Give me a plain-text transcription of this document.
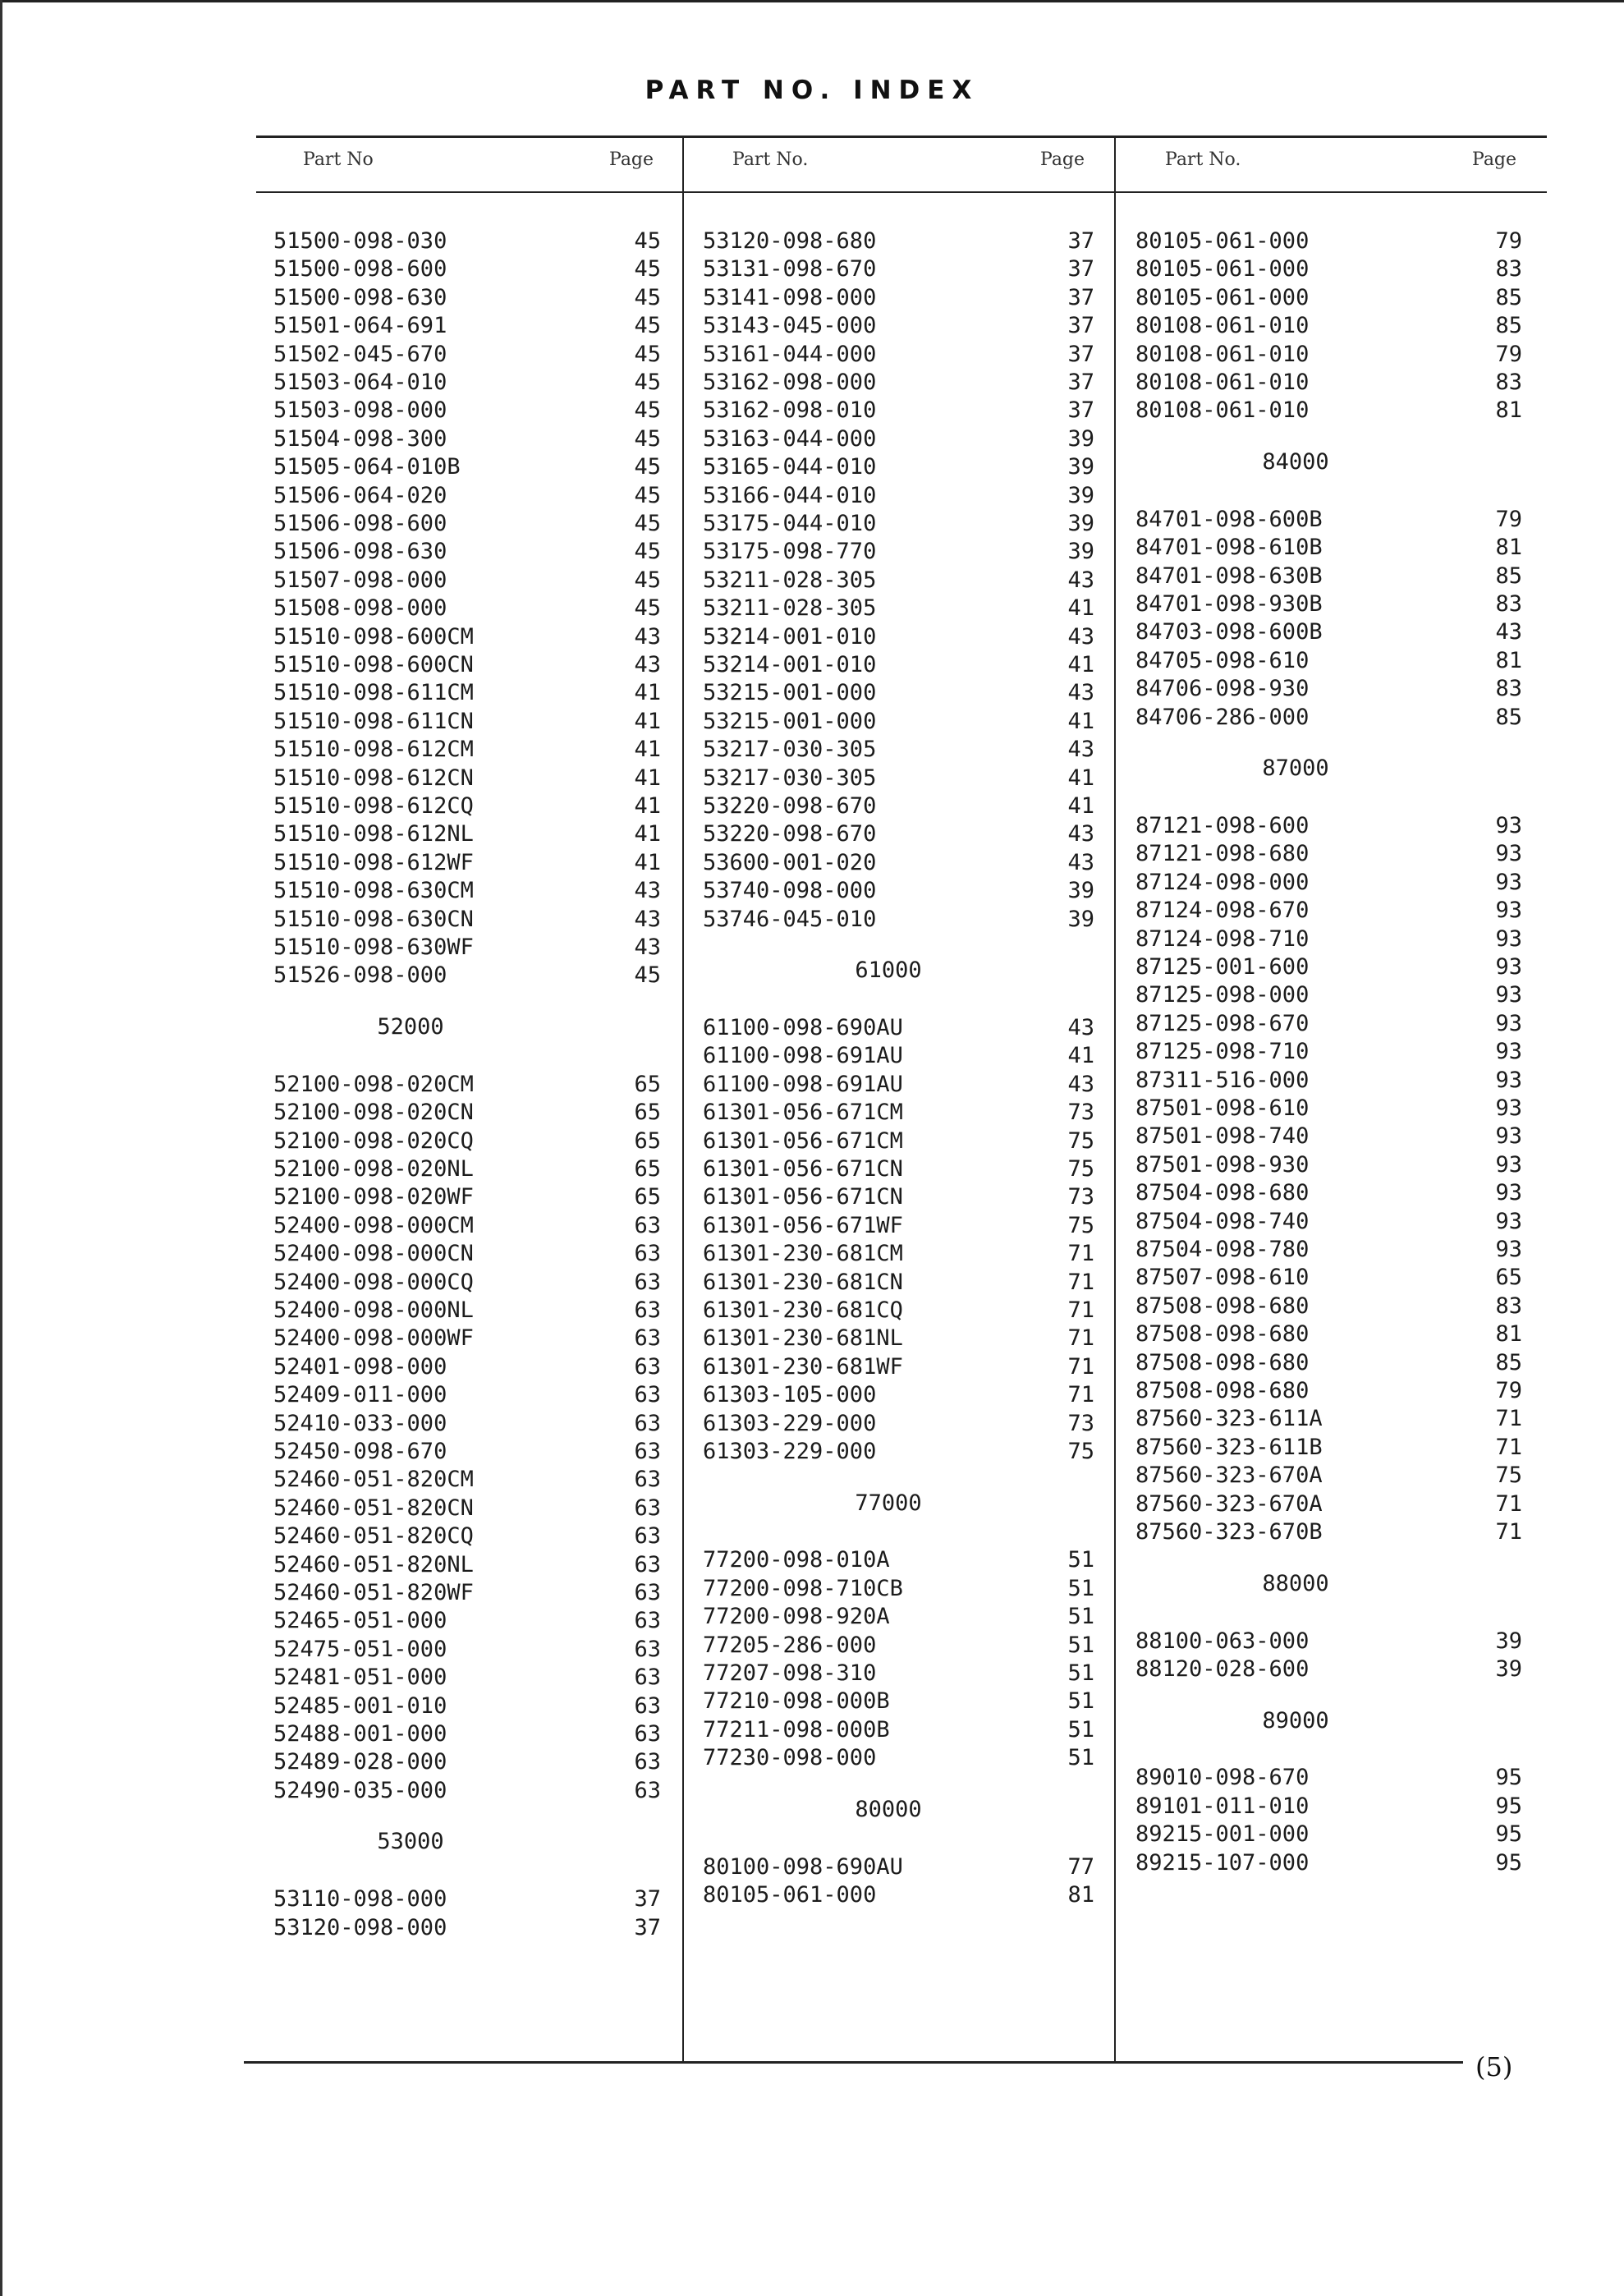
PART NO. INDEX
(5)
Part No	Page
51500-098-030	45
51500-098-600	45
51500-098-630	45
51501-064-691	45
51502-045-670	45
51503-064-010	45
51503-098-000	45
51504-098-300	45
51505-064-010B	45
51506-064-020	45
51506-098-600	45
51506-098-630	45
51507-098-000	45
51508-098-000	45
51510-098-600CM	43
51510-098-600CN	43
51510-098-611CM	41
51510-098-611CN	41
51510-098-612CM	41
51510-098-612CN	41
51510-098-612CQ	41
51510-098-612NL	41
51510-098-612WF	41
51510-098-630CM	43
51510-098-630CN	43
51510-098-630WF	43
51526-098-000	45
52000
52100-098-020CM	65
52100-098-020CN	65
52100-098-020CQ	65
52100-098-020NL	65
52100-098-020WF	65
52400-098-000CM	63
52400-098-000CN	63
52400-098-000CQ	63
52400-098-000NL	63
52400-098-000WF	63
52401-098-000	63
52409-011-000	63
52410-033-000	63
52450-098-670	63
52460-051-820CM	63
52460-051-820CN	63
52460-051-820CQ	63
52460-051-820NL	63
52460-051-820WF	63
52465-051-000	63
52475-051-000	63
52481-051-000	63
52485-001-010	63
52488-001-000	63
52489-028-000	63
52490-035-000	63
53000
53110-098-000	37
53120-098-000	37
Part No.	Page
53120-098-680	37
53131-098-670	37
53141-098-000	37
53143-045-000	37
53161-044-000	37
53162-098-000	37
53162-098-010	37
53163-044-000	39
53165-044-010	39
53166-044-010	39
53175-044-010	39
53175-098-770	39
53211-028-305	43
53211-028-305	41
53214-001-010	43
53214-001-010	41
53215-001-000	43
53215-001-000	41
53217-030-305	43
53217-030-305	41
53220-098-670	41
53220-098-670	43
53600-001-020	43
53740-098-000	39
53746-045-010	39
61000
61100-098-690AU	43
61100-098-691AU	41
61100-098-691AU	43
61301-056-671CM	73
61301-056-671CM	75
61301-056-671CN	75
61301-056-671CN	73
61301-056-671WF	75
61301-230-681CM	71
61301-230-681CN	71
61301-230-681CQ	71
61301-230-681NL	71
61301-230-681WF	71
61303-105-000	71
61303-229-000	73
61303-229-000	75
77000
77200-098-010A	51
77200-098-710CB	51
77200-098-920A	51
77205-286-000	51
77207-098-310	51
77210-098-000B	51
77211-098-000B	51
77230-098-000	51
80000
80100-098-690AU	77
80105-061-000	81
Part No.	Page
80105-061-000	79
80105-061-000	83
80105-061-000	85
80108-061-010	85
80108-061-010	79
80108-061-010	83
80108-061-010	81
84000
84701-098-600B	79
84701-098-610B	81
84701-098-630B	85
84701-098-930B	83
84703-098-600B	43
84705-098-610	81
84706-098-930	83
84706-286-000	85
87000
87121-098-600	93
87121-098-680	93
87124-098-000	93
87124-098-670	93
87124-098-710	93
87125-001-600	93
87125-098-000	93
87125-098-670	93
87125-098-710	93
87311-516-000	93
87501-098-610	93
87501-098-740	93
87501-098-930	93
87504-098-680	93
87504-098-740	93
87504-098-780	93
87507-098-610	65
87508-098-680	83
87508-098-680	81
87508-098-680	85
87508-098-680	79
87560-323-611A	71
87560-323-611B	71
87560-323-670A	75
87560-323-670A	71
87560-323-670B	71
88000
88100-063-000	39
88120-028-600	39
89000
89010-098-670	95
89101-011-010	95
89215-001-000	95
89215-107-000	95
